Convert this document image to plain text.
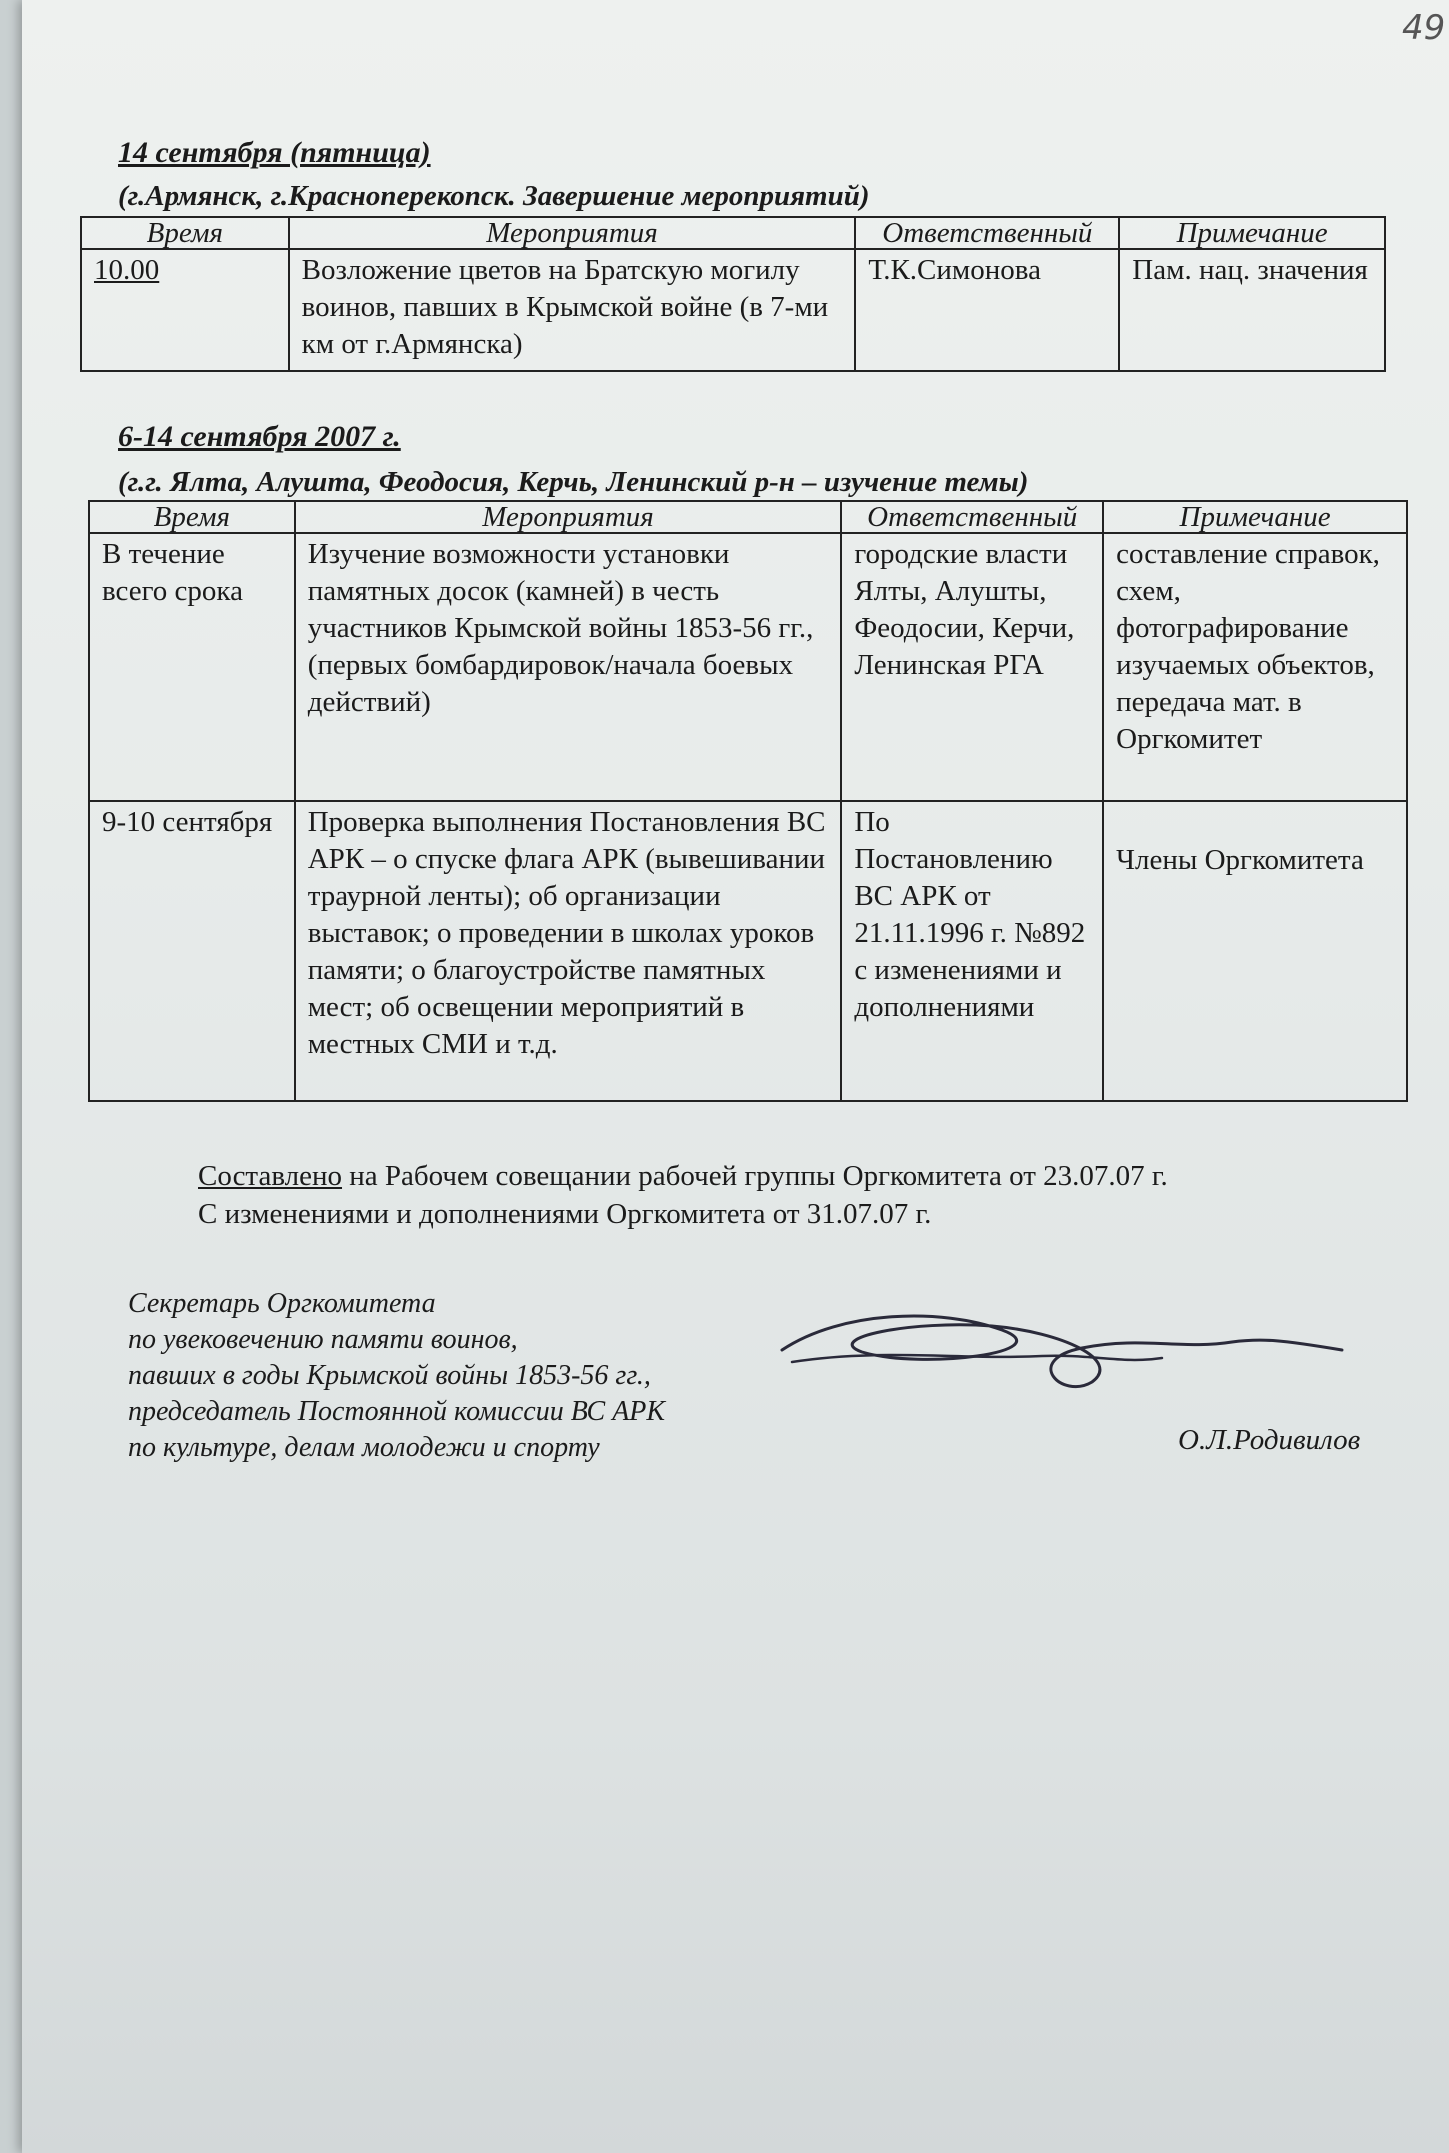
49
14 сентября (пятница)
(г.Армянск, г.Красноперекопск. Завершение мероприятий)
Время	Мероприятия	Ответственный	Примечание
10.00	Возложение цветов на Братскую могилу воинов, павших в Крымской войне (в 7-ми км от г.Армянска)	Т.К.Симонова	Пам. нац. значения
6-14 сентября 2007 г.
(г.г. Ялта, Алушта, Феодосия, Керчь, Ленинский р-н – изучение темы)
Время	Мероприятия	Ответственный	Примечание
В течение всего срока	Изучение возможности установки памятных досок (камней) в честь участников Крымской войны 1853-56 гг., (первых бомбардировок/начала боевых действий)	городские власти Ялты, Алушты, Феодосии, Керчи, Ленинская РГА	составление справок, схем, фотографирование изучаемых объектов, передача мат. в Оргкомитет
9-10 сентября	Проверка выполнения Постановления ВС АРК – о спуске флага АРК (вывешивании траурной ленты); об организации выставок; о проведении в школах уроков памяти; о благоустройстве памятных мест; об освещении мероприятий в местных СМИ и т.д.	По Постановлению ВС АРК от 21.11.1996 г. №892 с изменениями и дополнениями	Члены Оргкомитета
Составлено на Рабочем совещании рабочей группы Оргкомитета от 23.07.07 г.
С изменениями и дополнениями Оргкомитета от 31.07.07 г.
Секретарь Оргкомитета
по увековечению памяти воинов,
павших в годы Крымской войны 1853-56 гг.,
председатель Постоянной комиссии ВС АРК
по культуре, делам молодежи и спорту	О.Л.Родивилов
